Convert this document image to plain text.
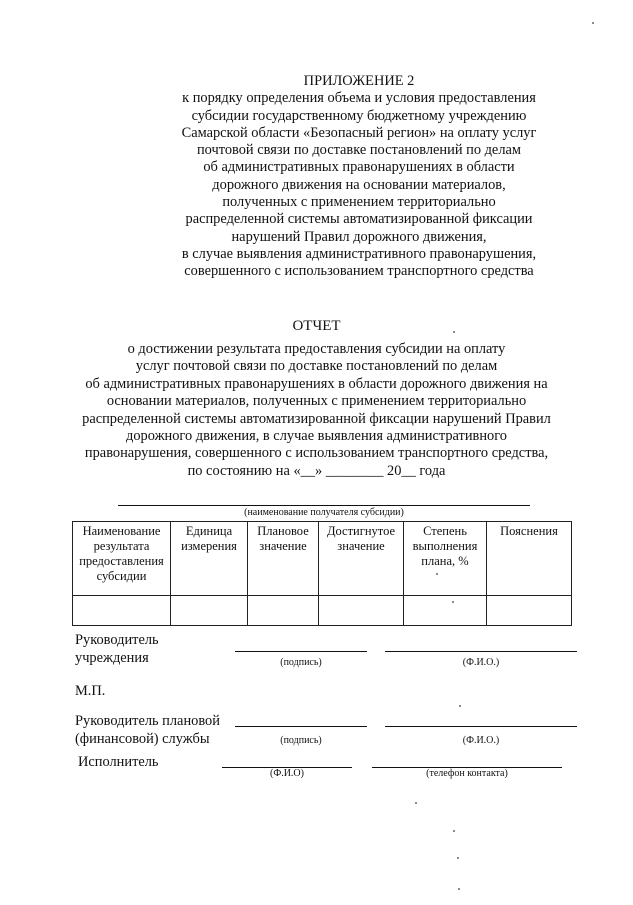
ПРИЛОЖЕНИЕ 2
к порядку определения объема и условия предоставления
субсидии государственному бюджетному учреждению
Самарской области «Безопасный регион» на оплату услуг
почтовой связи по доставке постановлений по делам
об административных правонарушениях в области
дорожного движения на основании материалов,
полученных с применением территориально
распределенной системы автоматизированной фиксации
нарушений Правил дорожного движения,
в случае выявления административного правонарушения,
совершенного с использованием транспортного средства
ОТЧЕТ
о достижении результата предоставления субсидии на оплату
услуг почтовой связи по доставке постановлений по делам
об административных правонарушениях в области дорожного движения на
основании материалов, полученных с применением территориально
распределенной системы автоматизированной фиксации нарушений Правил
дорожного движения, в случае выявления административного
правонарушения, совершенного с использованием транспортного средства,
по состоянию на «__» ________ 20__ года
(наименование получателя субсидии)
Наименование результата предоставления субсидии	Единица измерения	Плановое значение	Достигнутое значение	Степень выполнения плана, %	Пояснения

Руководитель
учреждения	(подпись)	(Ф.И.О.)
М.П.
Руководитель плановой
(финансовой) службы	(подпись)	(Ф.И.О.)
Исполнитель
(Ф.И.О)	(телефон контакта)
